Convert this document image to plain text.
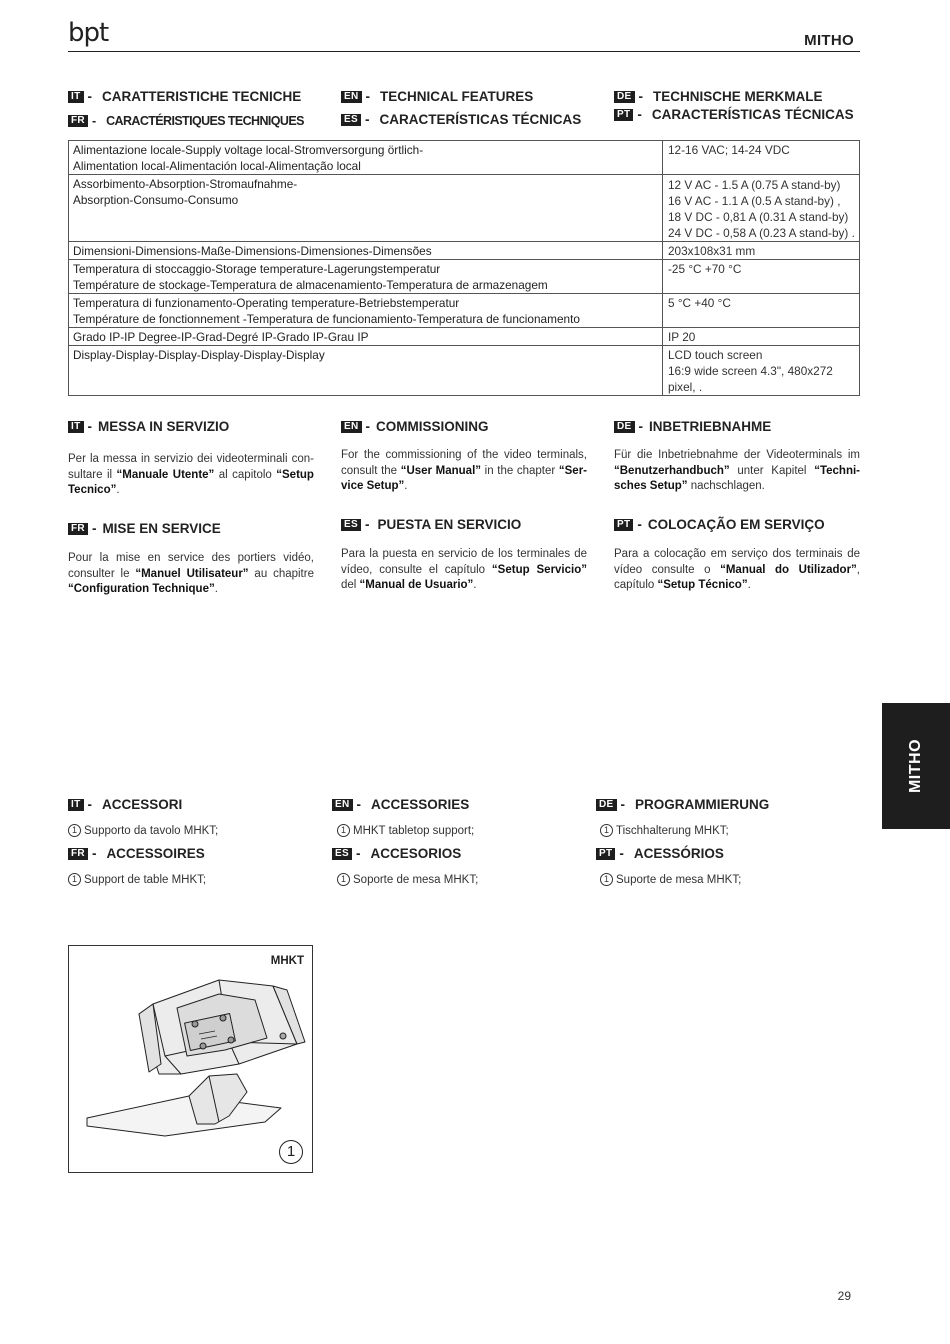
bpt	MITHO
IT - CARATTERISTICHE TECNICHE
FR - CARACTÉRISTIQUES TECHNIQUES
EN - TECHNICAL FEATURES
ES - CARACTERÍSTICAS TÉCNICAS
DE - TECHNISCHE MERKMALE
PT - CARACTERÍSTICAS TÉCNICAS
Alimentazione locale-Supply voltage local-Stromversorgung örtlich-
Alimentation local-Alimentación local-Alimentação local	12-16 VAC; 14-24 VDC
Assorbimento-Absorption-Stromaufnahme-
Absorption-Consumo-Consumo	12 V AC - 1.5 A (0.75 A stand-by)
16 V AC - 1.1 A (0.5 A stand-by) ,
18 V DC - 0,81 A (0.31 A stand-by)
24 V DC - 0,58 A (0.23 A stand-by) .
Dimensioni-Dimensions-Maße-Dimensions-Dimensiones-Dimensões	203x108x31 mm
Temperatura di stoccaggio-Storage temperature-Lagerungstemperatur
Température de stockage-Temperatura de almacenamiento-Temperatura de armazenagem	-25 °C +70 °C
Temperatura di funzionamento-Operating temperature-Betriebstemperatur
Température de fonctionnement -Temperatura de funcionamiento-Temperatura de funcionamento	5 °C +40 °C
Grado IP-IP Degree-IP-Grad-Degré IP-Grado IP-Grau IP	IP 20
Display-Display-Display-Display-Display-Display	LCD touch screen
16:9 wide screen 4.3", 480x272 pixel, .
IT - MESSA IN SERVIZIO
Per la messa in servizio dei videoterminali con-sultare il “Manuale Utente” al capitolo “Setup Tecnico”.
EN - COMMISSIONING
For the commissioning of the video terminals, consult the “User Manual” in the chapter “Ser-vice Setup”.
DE - INBETRIEBNAHME
Für die Inbetriebnahme der Videoterminals im “Benutzerhandbuch” unter Kapitel “Techni-sches Setup” nachschlagen.
FR - MISE EN SERVICE
Pour la mise en service des portiers vidéo, consulter le “Manuel Utilisateur” au chapitre “Configuration Technique”.
ES - PUESTA EN SERVICIO
Para la puesta en servicio de los terminales de vídeo, consulte el capítulo “Setup Servicio” del “Manual de Usuario”.
PT - COLOCAÇÃO EM SERVIÇO
Para a colocação em serviço dos terminais de vídeo consulte o “Manual do Utilizador”, capítulo “Setup Técnico”.
MITHO
IT - ACCESSORI
1 Supporto da tavolo MHKT;
EN - ACCESSORIES
1 MHKT tabletop support;
DE - PROGRAMMIERUNG
1 Tischhalterung MHKT;
FR - ACCESSOIRES
1 Support de table MHKT;
ES - ACCESORIOS
1 Soporte de mesa MHKT;
PT - ACESSÓRIOS
1 Suporte de mesa MHKT;
MHKT
1
29
